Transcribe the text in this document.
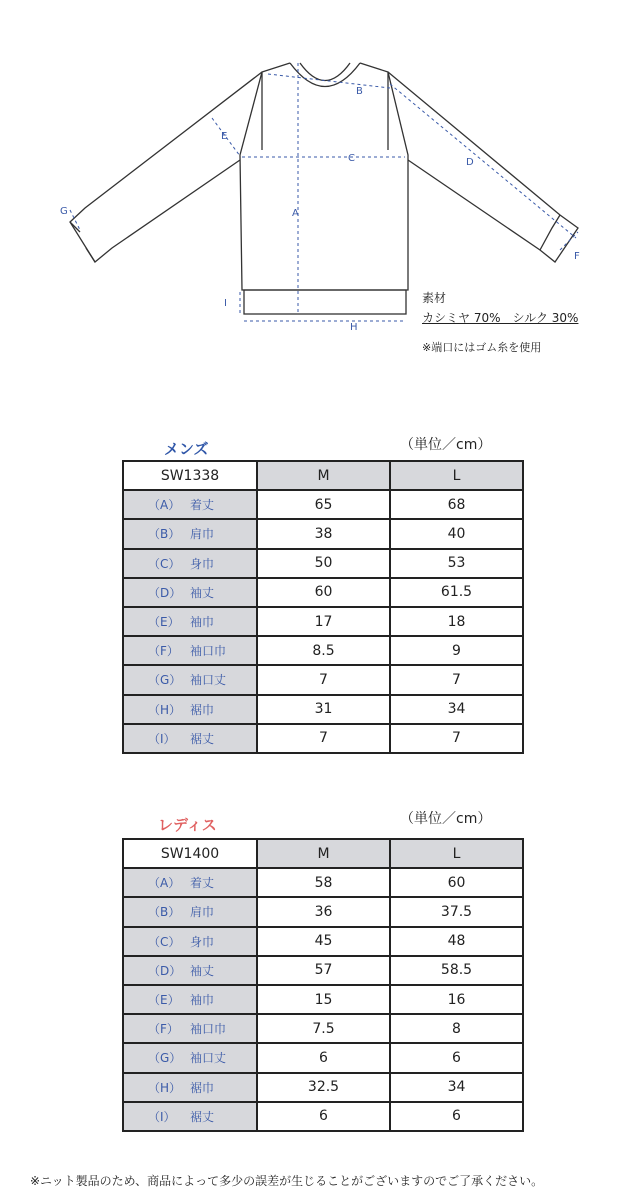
A
B
C	D
E
F
G
H
I	素材
カシミヤ 70%　シルク 30%
※端口にはゴム糸を使用
メンズ	（単位／cm）
SW1338	M	L
（A） 着丈	65	68
（B） 肩巾	38	40
（C） 身巾	50	53
（D） 袖丈	60	61.5
（E） 袖巾	17	18
（F） 袖口巾	8.5	9
（G） 袖口丈	7	7
（H） 裾巾	31	34
（I） 裾丈	7	7
レディス	（単位／cm）
SW1400	M	L
（A） 着丈	58	60
（B） 肩巾	36	37.5
（C） 身巾	45	48
（D） 袖丈	57	58.5
（E） 袖巾	15	16
（F） 袖口巾	7.5	8
（G） 袖口丈	6	6
（H） 裾巾	32.5	34
（I） 裾丈	6	6
※ニット製品のため、商品によって多少の誤差が生じることがございますのでご了承ください。
